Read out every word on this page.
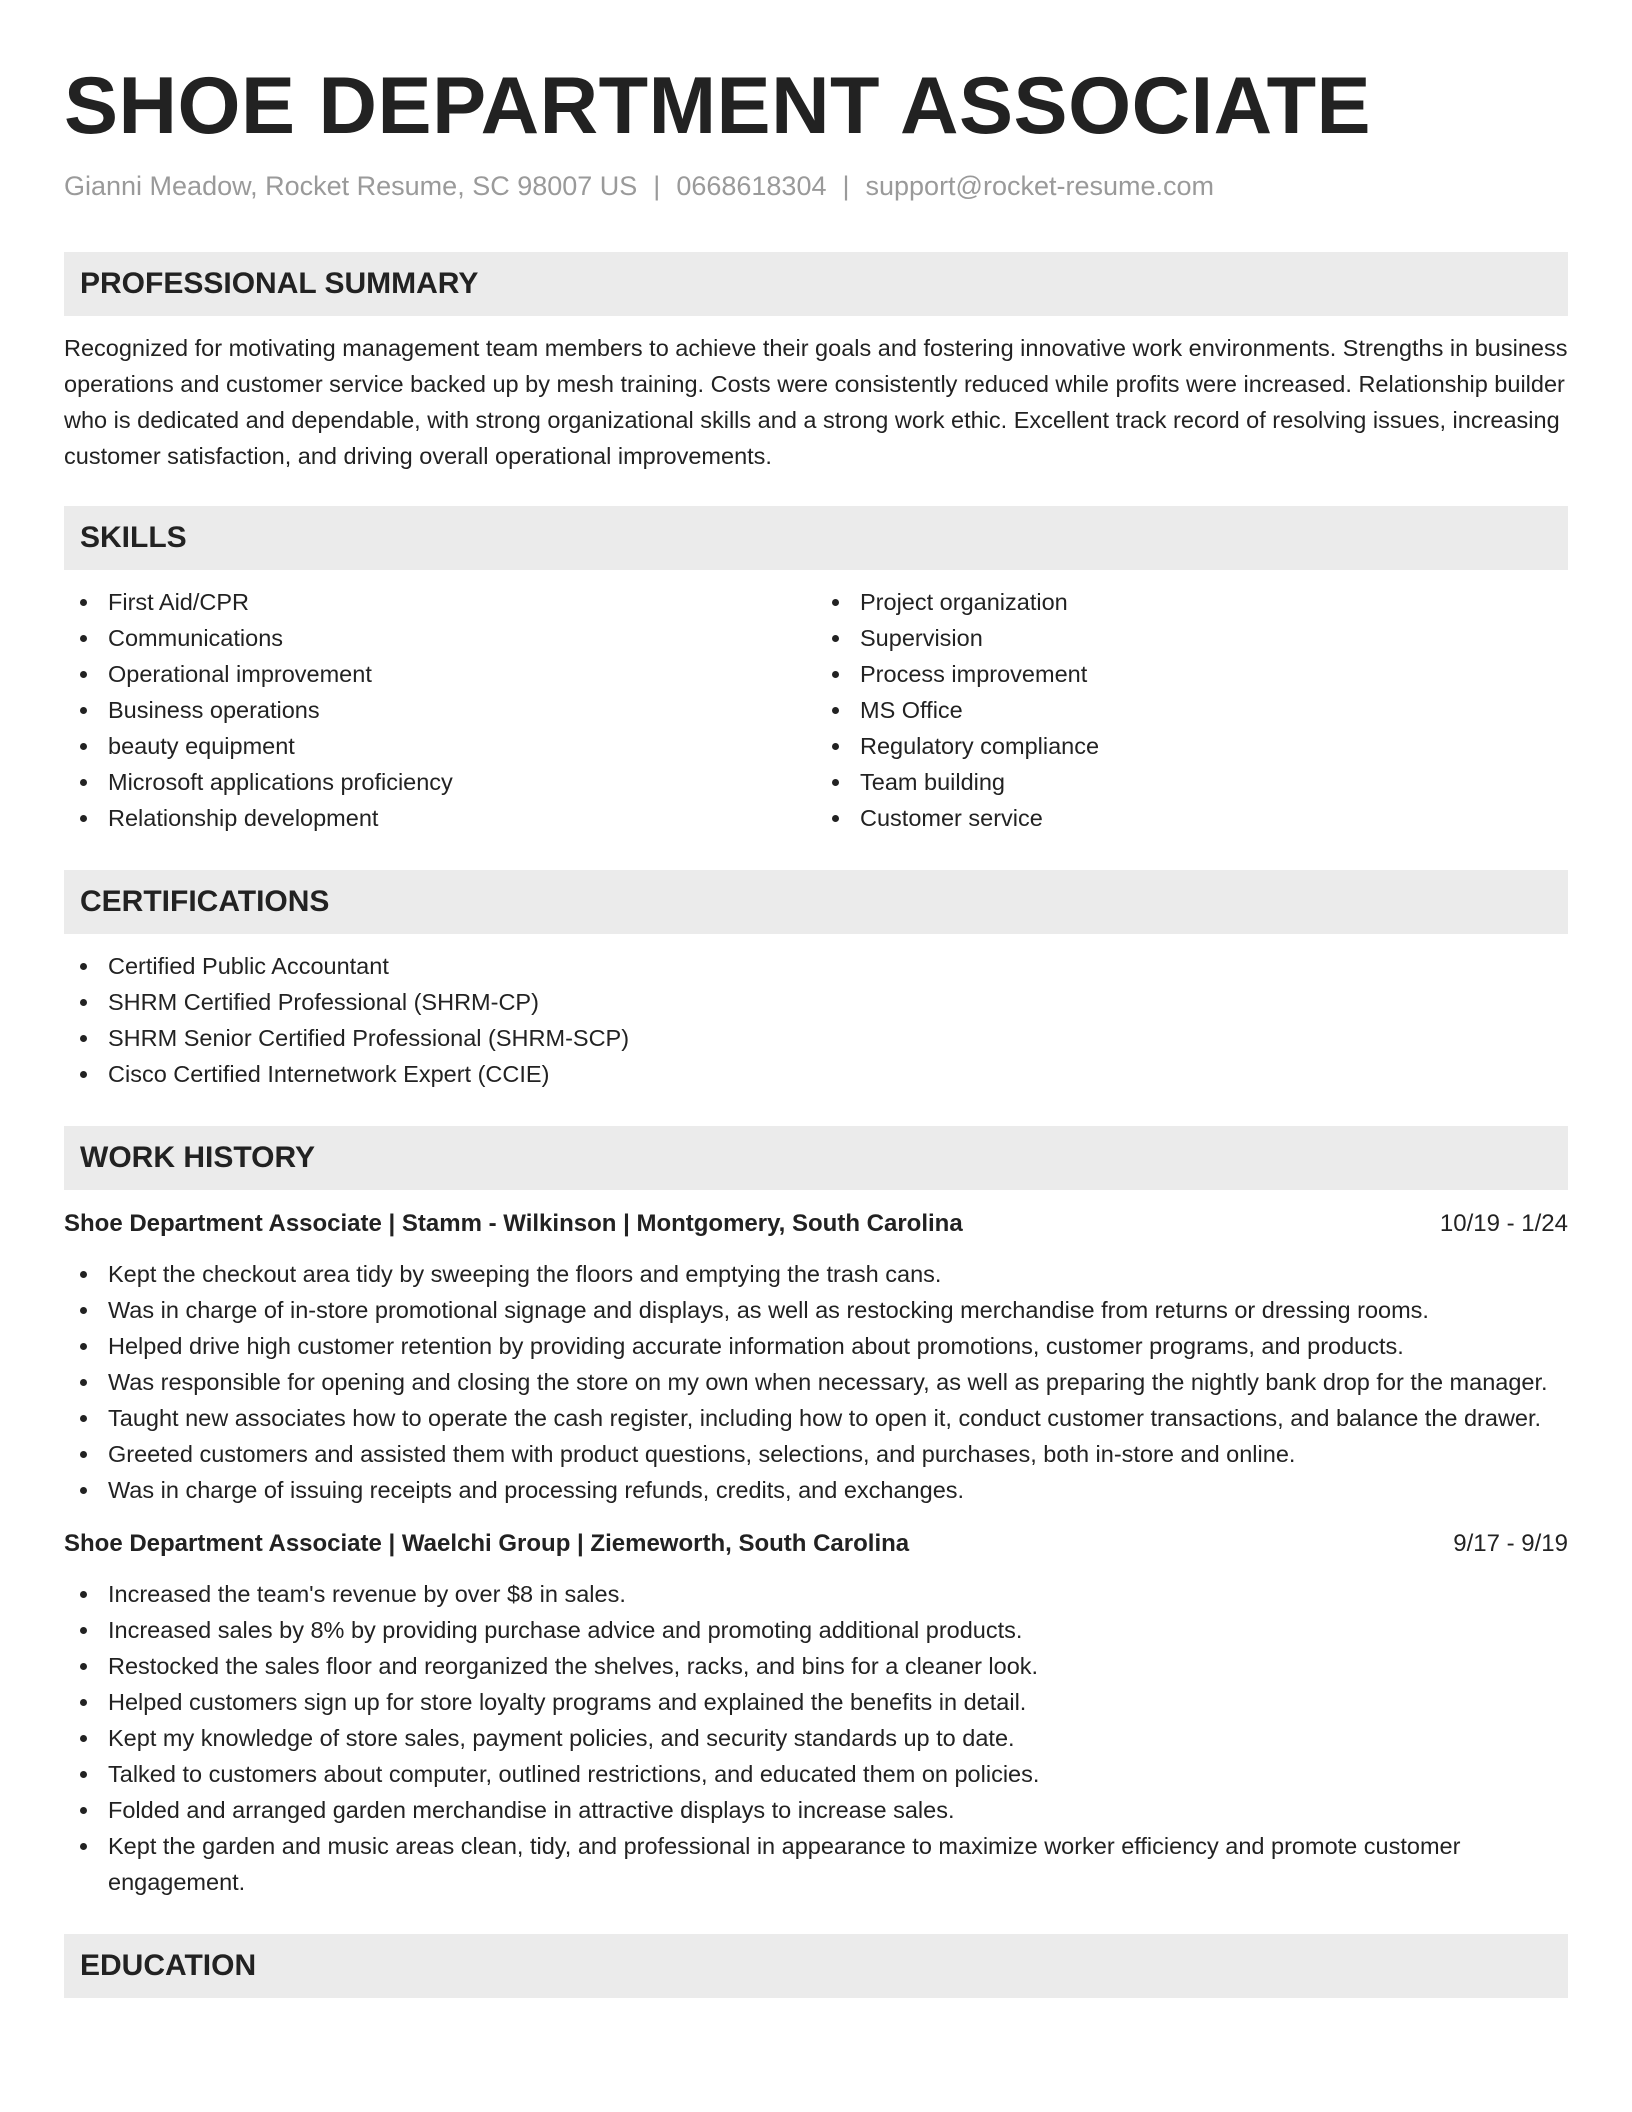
SHOE DEPARTMENT ASSOCIATE
Gianni Meadow, Rocket Resume, SC 98007 US | 0668618304 | support@rocket-resume.com
PROFESSIONAL SUMMARY

Recognized for motivating management team members to achieve their goals and fostering innovative work environments. Strengths in business operations and customer service backed up by mesh training. Costs were consistently reduced while profits were increased. Relationship builder who is dedicated and dependable, with strong organizational skills and a strong work ethic. Excellent track record of resolving issues, increasing customer satisfaction, and driving overall operational improvements.

SKILLS
First Aid/CPR
Communications
Operational improvement
Business operations
beauty equipment
Microsoft applications proficiency
Relationship development
Project organization
Supervision
Process improvement
MS Office
Regulatory compliance
Team building
Customer service
CERTIFICATIONS
Certified Public Accountant
SHRM Certified Professional (SHRM-CP)
SHRM Senior Certified Professional (SHRM-SCP)
Cisco Certified Internetwork Expert (CCIE)
WORK HISTORY
Shoe Department Associate | Stamm - Wilkinson | Montgomery, South Carolina	10/19 - 1/24
Kept the checkout area tidy by sweeping the floors and emptying the trash cans.
Was in charge of in-store promotional signage and displays, as well as restocking merchandise from returns or dressing rooms.
Helped drive high customer retention by providing accurate information about promotions, customer programs, and products.
Was responsible for opening and closing the store on my own when necessary, as well as preparing the nightly bank drop for the manager.
Taught new associates how to operate the cash register, including how to open it, conduct customer transactions, and balance the drawer.
Greeted customers and assisted them with product questions, selections, and purchases, both in-store and online.
Was in charge of issuing receipts and processing refunds, credits, and exchanges.
Shoe Department Associate | Waelchi Group | Ziemeworth, South Carolina	9/17 - 9/19
Increased the team's revenue by over $8 in sales.
Increased sales by 8% by providing purchase advice and promoting additional products.
Restocked the sales floor and reorganized the shelves, racks, and bins for a cleaner look.
Helped customers sign up for store loyalty programs and explained the benefits in detail.
Kept my knowledge of store sales, payment policies, and security standards up to date.
Talked to customers about computer, outlined restrictions, and educated them on policies.
Folded and arranged garden merchandise in attractive displays to increase sales.
Kept the garden and music areas clean, tidy, and professional in appearance to maximize worker efficiency and promote customer engagement.
EDUCATION
